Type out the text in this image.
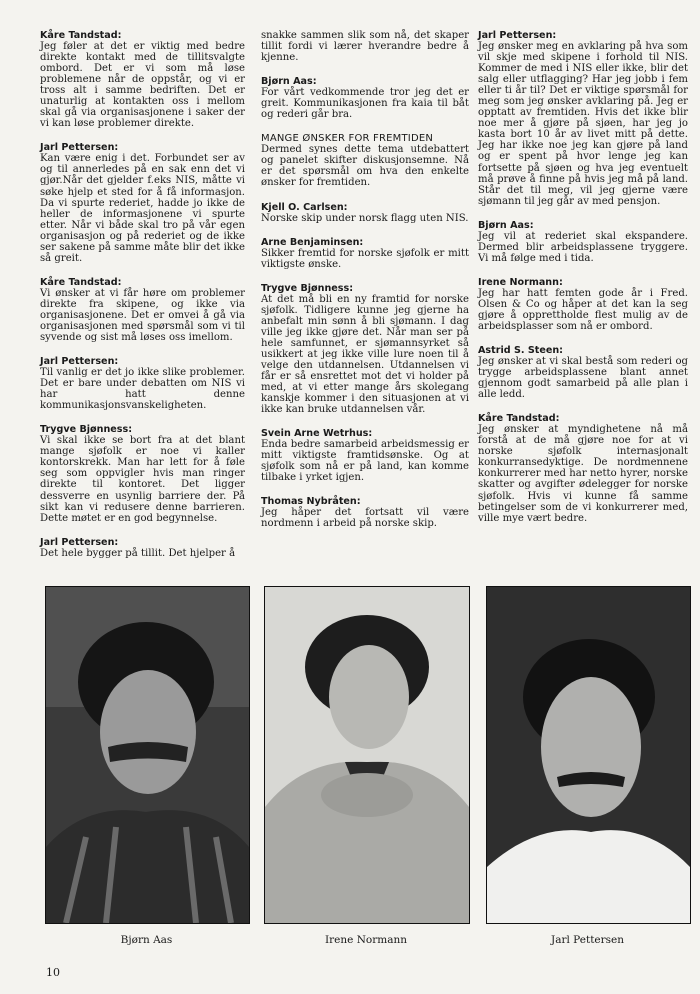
Kåre Tandstad:
Jeg føler at det er viktig med bedre direkte kontakt med de tillitsvalgte ombord. Det er vi som må løse problemene når de oppstår, og vi er tross alt i samme bedriften. Det er unaturlig at kontakten oss i mellom skal gå via organisasjonene i saker der vi kan løse problemer direkte.
Jarl Pettersen:
Kan være enig i det. Forbundet ser av og til annerledes på en sak enn det vi gjør.Når det gjelder f.eks NIS, måtte vi søke hjelp et sted for å få informasjon. Da vi spurte rederiet, hadde jo ikke de heller de informasjonene vi spurte etter. Når vi både skal tro på vår egen organisasjon og på rederiet og de ikke ser sakene på samme måte blir det ikke så greit.
Kåre Tandstad:
Vi ønsker at vi får høre om problemer direkte fra skipene, og ikke via organisasjonene. Det er omvei å gå via organisasjonen med spørsmål som vi til syvende og sist må løses oss imellom.
Jarl Pettersen:
Til vanlig er det jo ikke slike problemer. Det er bare under debatten om NIS vi har hatt denne kommunikasjonsvanskeligheten.
Trygve Bjønness:
Vi skal ikke se bort fra at det blant mange sjøfolk er noe vi kaller kontorskrekk. Man har lett for å føle seg som oppvigler hvis man ringer direkte til kontoret. Det ligger dessverre en usynlig barriere der. På sikt kan vi redusere denne barrieren. Dette møtet er en god begynnelse.
Jarl Pettersen:
Det hele bygger på tillit. Det hjelper å
snakke sammen slik som nå, det skaper tillit fordi vi lærer hverandre bedre å kjenne.
Bjørn Aas:
For vårt vedkommende tror jeg det er greit. Kommunikasjonen fra kaia til båt og rederi går bra.
MANGE ØNSKER FOR FREMTIDEN
Dermed synes dette tema utdebattert og panelet skifter diskusjonsemne. Nå er det spørsmål om hva den enkelte ønsker for fremtiden.
Kjell O. Carlsen:
Norske skip under norsk flagg uten NIS.
Arne Benjaminsen:
Sikker fremtid for norske sjøfolk er mitt viktigste ønske.
Trygve Bjønness:
At det må bli en ny framtid for norske sjøfolk. Tidligere kunne jeg gjerne ha anbefalt min sønn å bli sjømann. I dag ville jeg ikke gjøre det. Når man ser på hele samfunnet, er sjømannsyrket så usikkert at jeg ikke ville lure noen til å velge den utdannelsen. Utdannelsen vi får er så ensrettet mot det vi holder på med, at vi etter mange års skolegang kanskje kommer i den situasjonen at vi ikke kan bruke utdannelsen vår.
Svein Arne Wetrhus:
Enda bedre samarbeid arbeidsmessig er mitt viktigste framtidsønske. Og at sjøfolk som nå er på land, kan komme tilbake i yrket igjen.
Thomas Nybråten:
Jeg håper det fortsatt vil være nordmenn i arbeid på norske skip.
Jarl Pettersen:
Jeg ønsker meg en avklaring på hva som vil skje med skipene i forhold til NIS. Kommer de med i NIS eller ikke, blir det salg eller utflagging? Har jeg jobb i fem eller ti år til? Det er viktige spørsmål for meg som jeg ønsker avklaring på. Jeg er opptatt av fremtiden. Hvis det ikke blir noe mer å gjøre på sjøen, har jeg jo kasta bort 10 år av livet mitt på dette. Jeg har ikke noe jeg kan gjøre på land og er spent på hvor lenge jeg kan fortsette på sjøen og hva jeg eventuelt må prøve å finne på hvis jeg må på land. Står det til meg, vil jeg gjerne være sjømann til jeg går av med pensjon.
Bjørn Aas:
Jeg vil at rederiet skal ekspandere. Dermed blir arbeidsplassene tryggere. Vi må følge med i tida.
Irene Normann:
Jeg har hatt femten gode år i Fred. Olsen & Co og håper at det kan la seg gjøre å opprettholde flest mulig av de arbeidsplasser som nå er ombord.
Astrid S. Steen:
Jeg ønsker at vi skal bestå som rederi og trygge arbeidsplassene blant annet gjennom godt samarbeid på alle plan i alle ledd.
Kåre Tandstad:
Jeg ønsker at myndighetene nå må forstå at de må gjøre noe for at vi norske sjøfolk internasjonalt konkurransedyktige. De nordmennene konkurrerer med har netto hyrer, norske skatter og avgifter ødelegger for norske sjøfolk. Hvis vi kunne få samme betingelser som de vi konkurrerer med, ville mye vært bedre.
Bjørn Aas	Irene Normann	Jarl Pettersen
10
